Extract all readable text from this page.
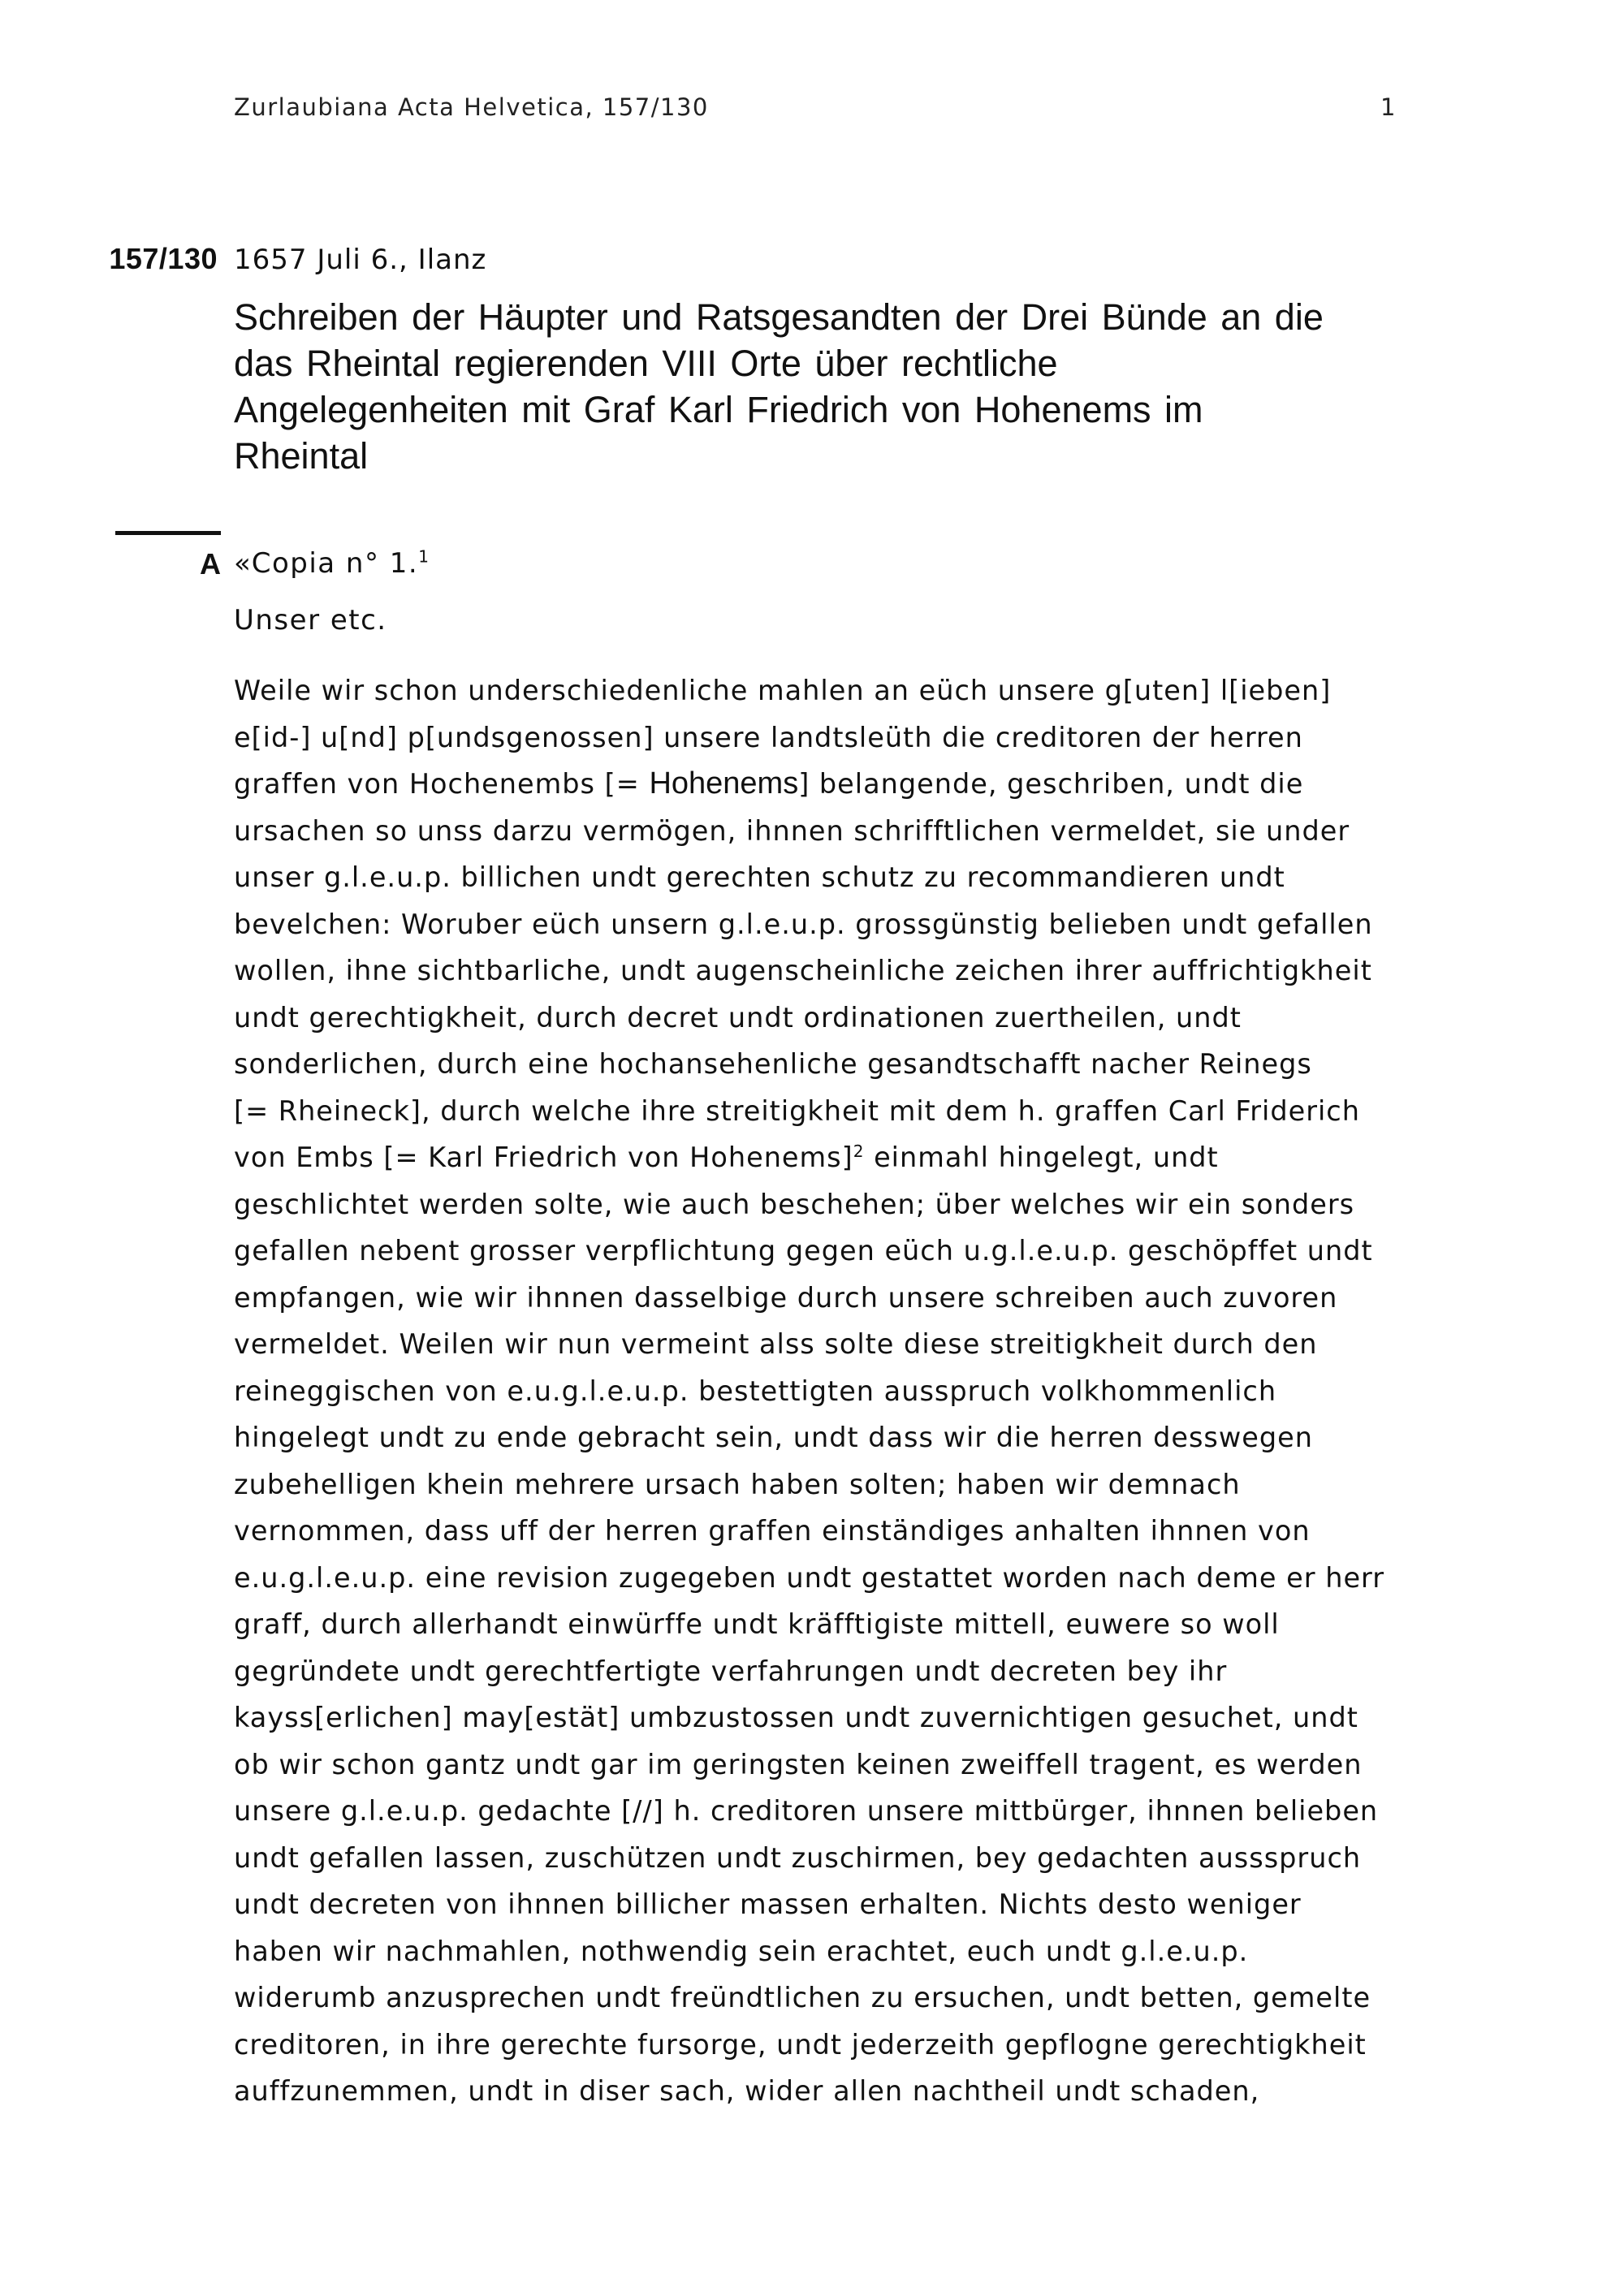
Zurlaubiana Acta Helvetica, 157/130	1
157/130 1657 Juli 6., Ilanz
Schreiben der Häupter und Ratsgesandten der Drei Bünde an die
das Rheintal regierenden VIII Orte über rechtliche
Angelegenheiten mit Graf Karl Friedrich von Hohenems im
Rheintal
A «Copia n° 1.$^1$
Unser etc.
Weile wir schon underschiedenliche mahlen an eüch unsere g[uten] l[ieben]
e[id-] u[nd] p[undsgenossen] unsere landtsleüth die creditoren der herren
graffen von Hochenembs [= Hohenems] belangende, geschriben, undt die
ursachen so unss darzu vermögen, ihnnen schrifftlichen vermeldet, sie under
unser g.l.e.u.p. billichen undt gerechten schutz zu recommandieren undt
bevelchen: Woruber eüch unsern g.l.e.u.p. grossgünstig belieben undt gefallen
wollen, ihne sichtbarliche, undt augenscheinliche zeichen ihrer auffrichtigkheit
undt gerechtigkheit, durch decret undt ordinationen zuertheilen, undt
sonderlichen, durch eine hochansehenliche gesandtschafft nacher Reinegs
[= Rheineck], durch welche ihre streitigkheit mit dem h. graffen Carl Friderich
von Embs [= Karl Friedrich von Hohenems]$^2$ einmahl hingelegt, undt
geschlichtet werden solte, wie auch beschehen; über welches wir ein sonders
gefallen nebent grosser verpflichtung gegen eüch u.g.l.e.u.p. geschöpffet undt
empfangen, wie wir ihnnen dasselbige durch unsere schreiben auch zuvoren
vermeldet. Weilen wir nun vermeint alss solte diese streitigkheit durch den
reineggischen von e.u.g.l.e.u.p. bestettigten ausspruch volkhommenlich
hingelegt undt zu ende gebracht sein, undt dass wir die herren desswegen
zubehelligen khein mehrere ursach haben solten; haben wir demnach
vernommen, dass uff der herren graffen einständiges anhalten ihnnen von
e.u.g.l.e.u.p. eine revision zugegeben undt gestattet worden nach deme er herr
graff, durch allerhandt einwürffe undt kräfftigiste mittell, euwere so woll
gegründete undt gerechtfertigte verfahrungen undt decreten bey ihr
kayss[erlichen] may[estät] umbzustossen undt zuvernichtigen gesuchet, undt
ob wir schon gantz undt gar im geringsten keinen zweiffell tragent, es werden
unsere g.l.e.u.p. gedachte [//] h. creditoren unsere mittbürger, ihnnen belieben
undt gefallen lassen, zuschützen undt zuschirmen, bey gedachten aussspruch
undt decreten von ihnnen billicher massen erhalten. Nichts desto weniger
haben wir nachmahlen, nothwendig sein erachtet, euch undt g.l.e.u.p.
widerumb anzusprechen undt freündtlichen zu ersuchen, undt betten, gemelte
creditoren, in ihre gerechte fursorge, undt jederzeith gepflogne gerechtigkheit
auffzunemmen, undt in diser sach, wider allen nachtheil undt schaden,
